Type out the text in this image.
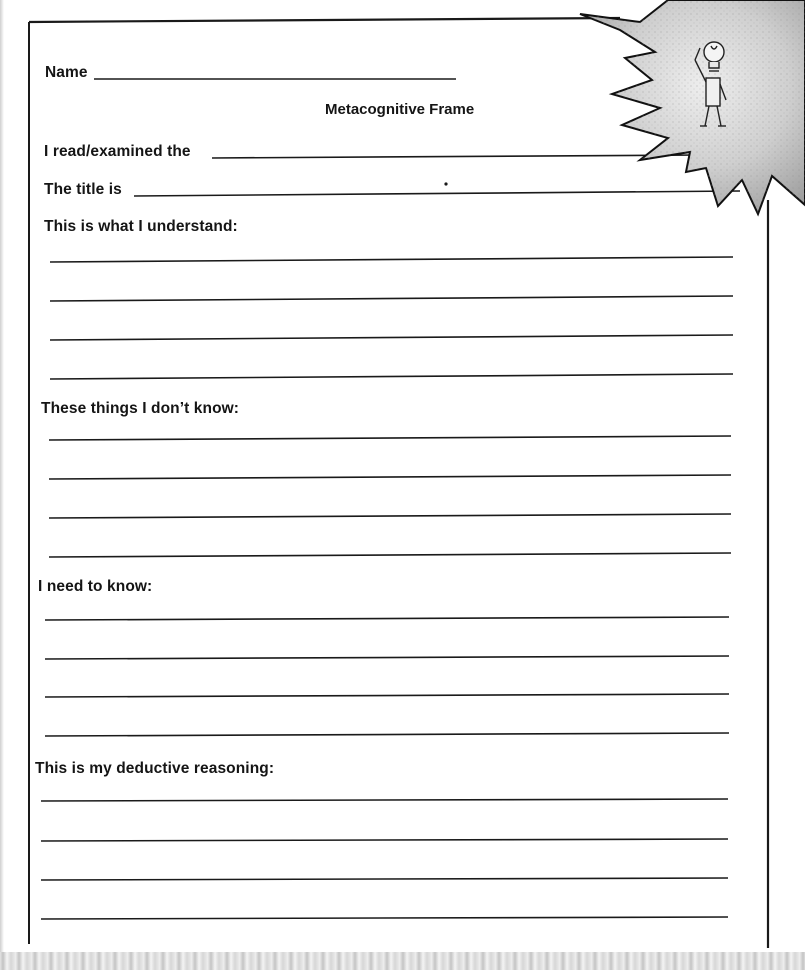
Name
Metacognitive Frame
I read/examined the
The title is
This is what I understand:
These things I don’t know:
I need to know:
This is my deductive reasoning:
